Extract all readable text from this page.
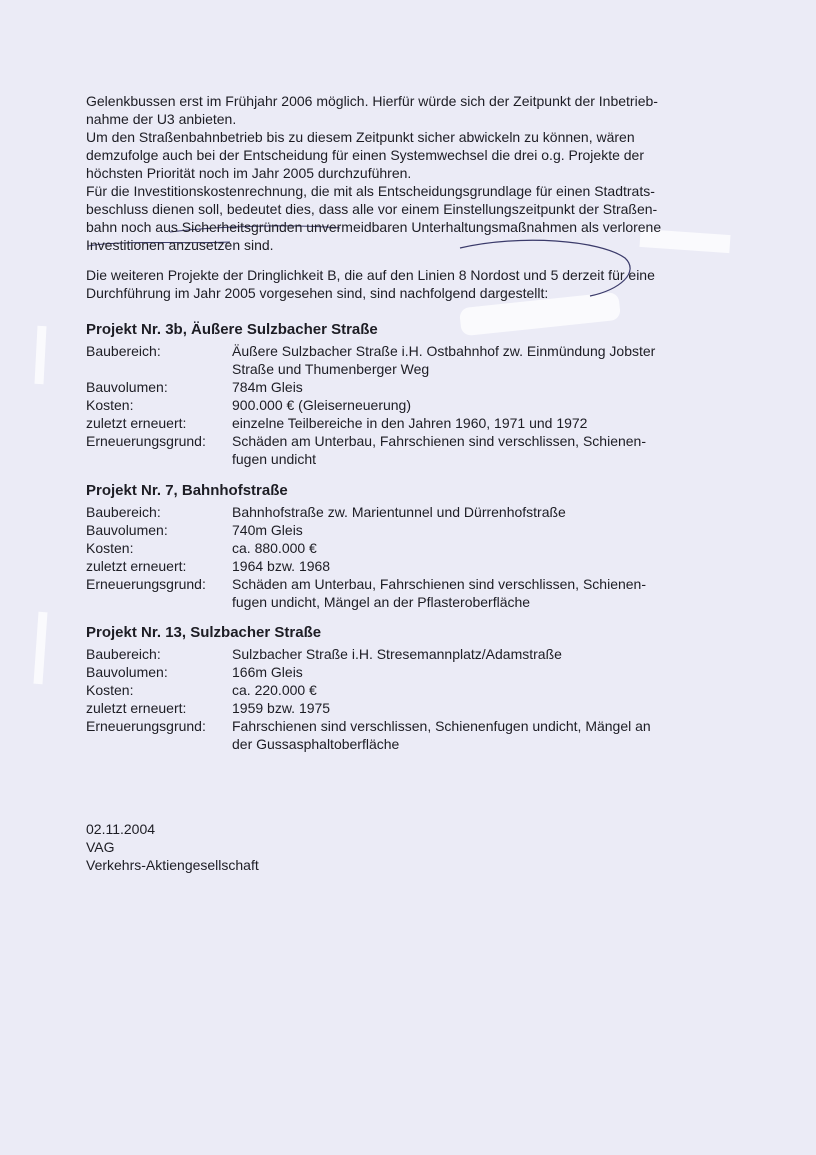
Gelenkbussen erst im Frühjahr 2006 möglich. Hierfür würde sich der Zeitpunkt der Inbetrieb-

nahme der U3 anbieten.

Um den Straßenbahnbetrieb bis zu diesem Zeitpunkt sicher abwickeln zu können, wären

demzufolge auch bei der Entscheidung für einen Systemwechsel die drei o.g. Projekte der

höchsten Priorität noch im Jahr 2005 durchzuführen.

Für die Investitionskostenrechnung, die mit als Entscheidungsgrundlage für einen Stadtrats-

beschluss dienen soll, bedeutet dies, dass alle vor einem Einstellungszeitpunkt der Straßen-

bahn noch aus Sicherheitsgründen unvermeidbaren Unterhaltungsmaßnahmen als verlorene

Investitionen anzusetzen sind.

Die weiteren Projekte der Dringlichkeit B, die auf den Linien 8 Nordost und 5 derzeit für eine

Durchführung im Jahr 2005 vorgesehen sind, sind nachfolgend dargestellt:

Projekt Nr. 3b, Äußere Sulzbacher Straße
Baubereich:	Äußere Sulzbacher Straße i.H. Ostbahnhof zw. Einmündung Jobster
Straße und Thumenberger Weg
Bauvolumen:	784m Gleis
Kosten:	900.000 € (Gleiserneuerung)
zuletzt erneuert:	einzelne Teilbereiche in den Jahren 1960, 1971 und 1972
Erneuerungsgrund:	Schäden am Unterbau, Fahrschienen sind verschlissen, Schienen-
fugen undicht
Projekt Nr. 7, Bahnhofstraße
Baubereich:	Bahnhofstraße zw. Marientunnel und Dürrenhofstraße
Bauvolumen:	740m Gleis
Kosten:	ca. 880.000 €
zuletzt erneuert:	1964 bzw. 1968
Erneuerungsgrund:	Schäden am Unterbau, Fahrschienen sind verschlissen, Schienen-
fugen undicht, Mängel an der Pflasteroberfläche
Projekt Nr. 13, Sulzbacher Straße
Baubereich:	Sulzbacher Straße i.H. Stresemannplatz/Adamstraße
Bauvolumen:	166m Gleis
Kosten:	ca. 220.000 €
zuletzt erneuert:	1959 bzw. 1975
Erneuerungsgrund:	Fahrschienen sind verschlissen, Schienenfugen undicht, Mängel an
der Gussasphaltoberfläche
02.11.2004
VAG
Verkehrs-Aktiengesellschaft
